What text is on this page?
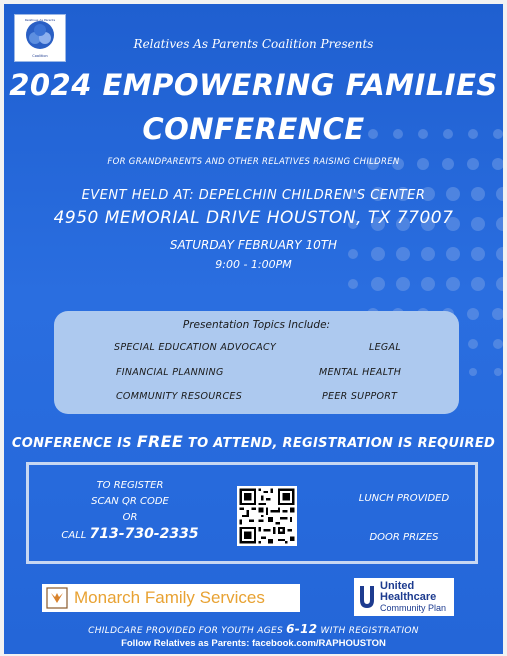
Relatives As Parents
Coalition
Relatives As Parents Coalition Presents
2024 EMPOWERING FAMILIES
CONFERENCE
FOR GRANDPARENTS AND OTHER RELATIVES RAISING CHILDREN
EVENT HELD AT: DEPELCHIN CHILDREN'S CENTER
4950 MEMORIAL DRIVE HOUSTON, TX 77007
SATURDAY FEBRUARY 10TH
9:00 - 1:00PM
Presentation Topics Include:
SPECIAL EDUCATION ADVOCACY	LEGAL
FINANCIAL PLANNING	MENTAL HEALTH
COMMUNITY RESOURCES	PEER SUPPORT
CONFERENCE IS FREE TO ATTEND, REGISTRATION IS REQUIRED
TO REGISTER
SCAN QR CODE
OR
CALL 713-730-2335
LUNCH PROVIDED
DOOR PRIZES
Monarch Family Services
United
Healthcare
Community Plan
CHILDCARE PROVIDED FOR YOUTH AGES 6-12 WITH REGISTRATION
Follow Relatives as Parents: facebook.com/RAPHOUSTON
